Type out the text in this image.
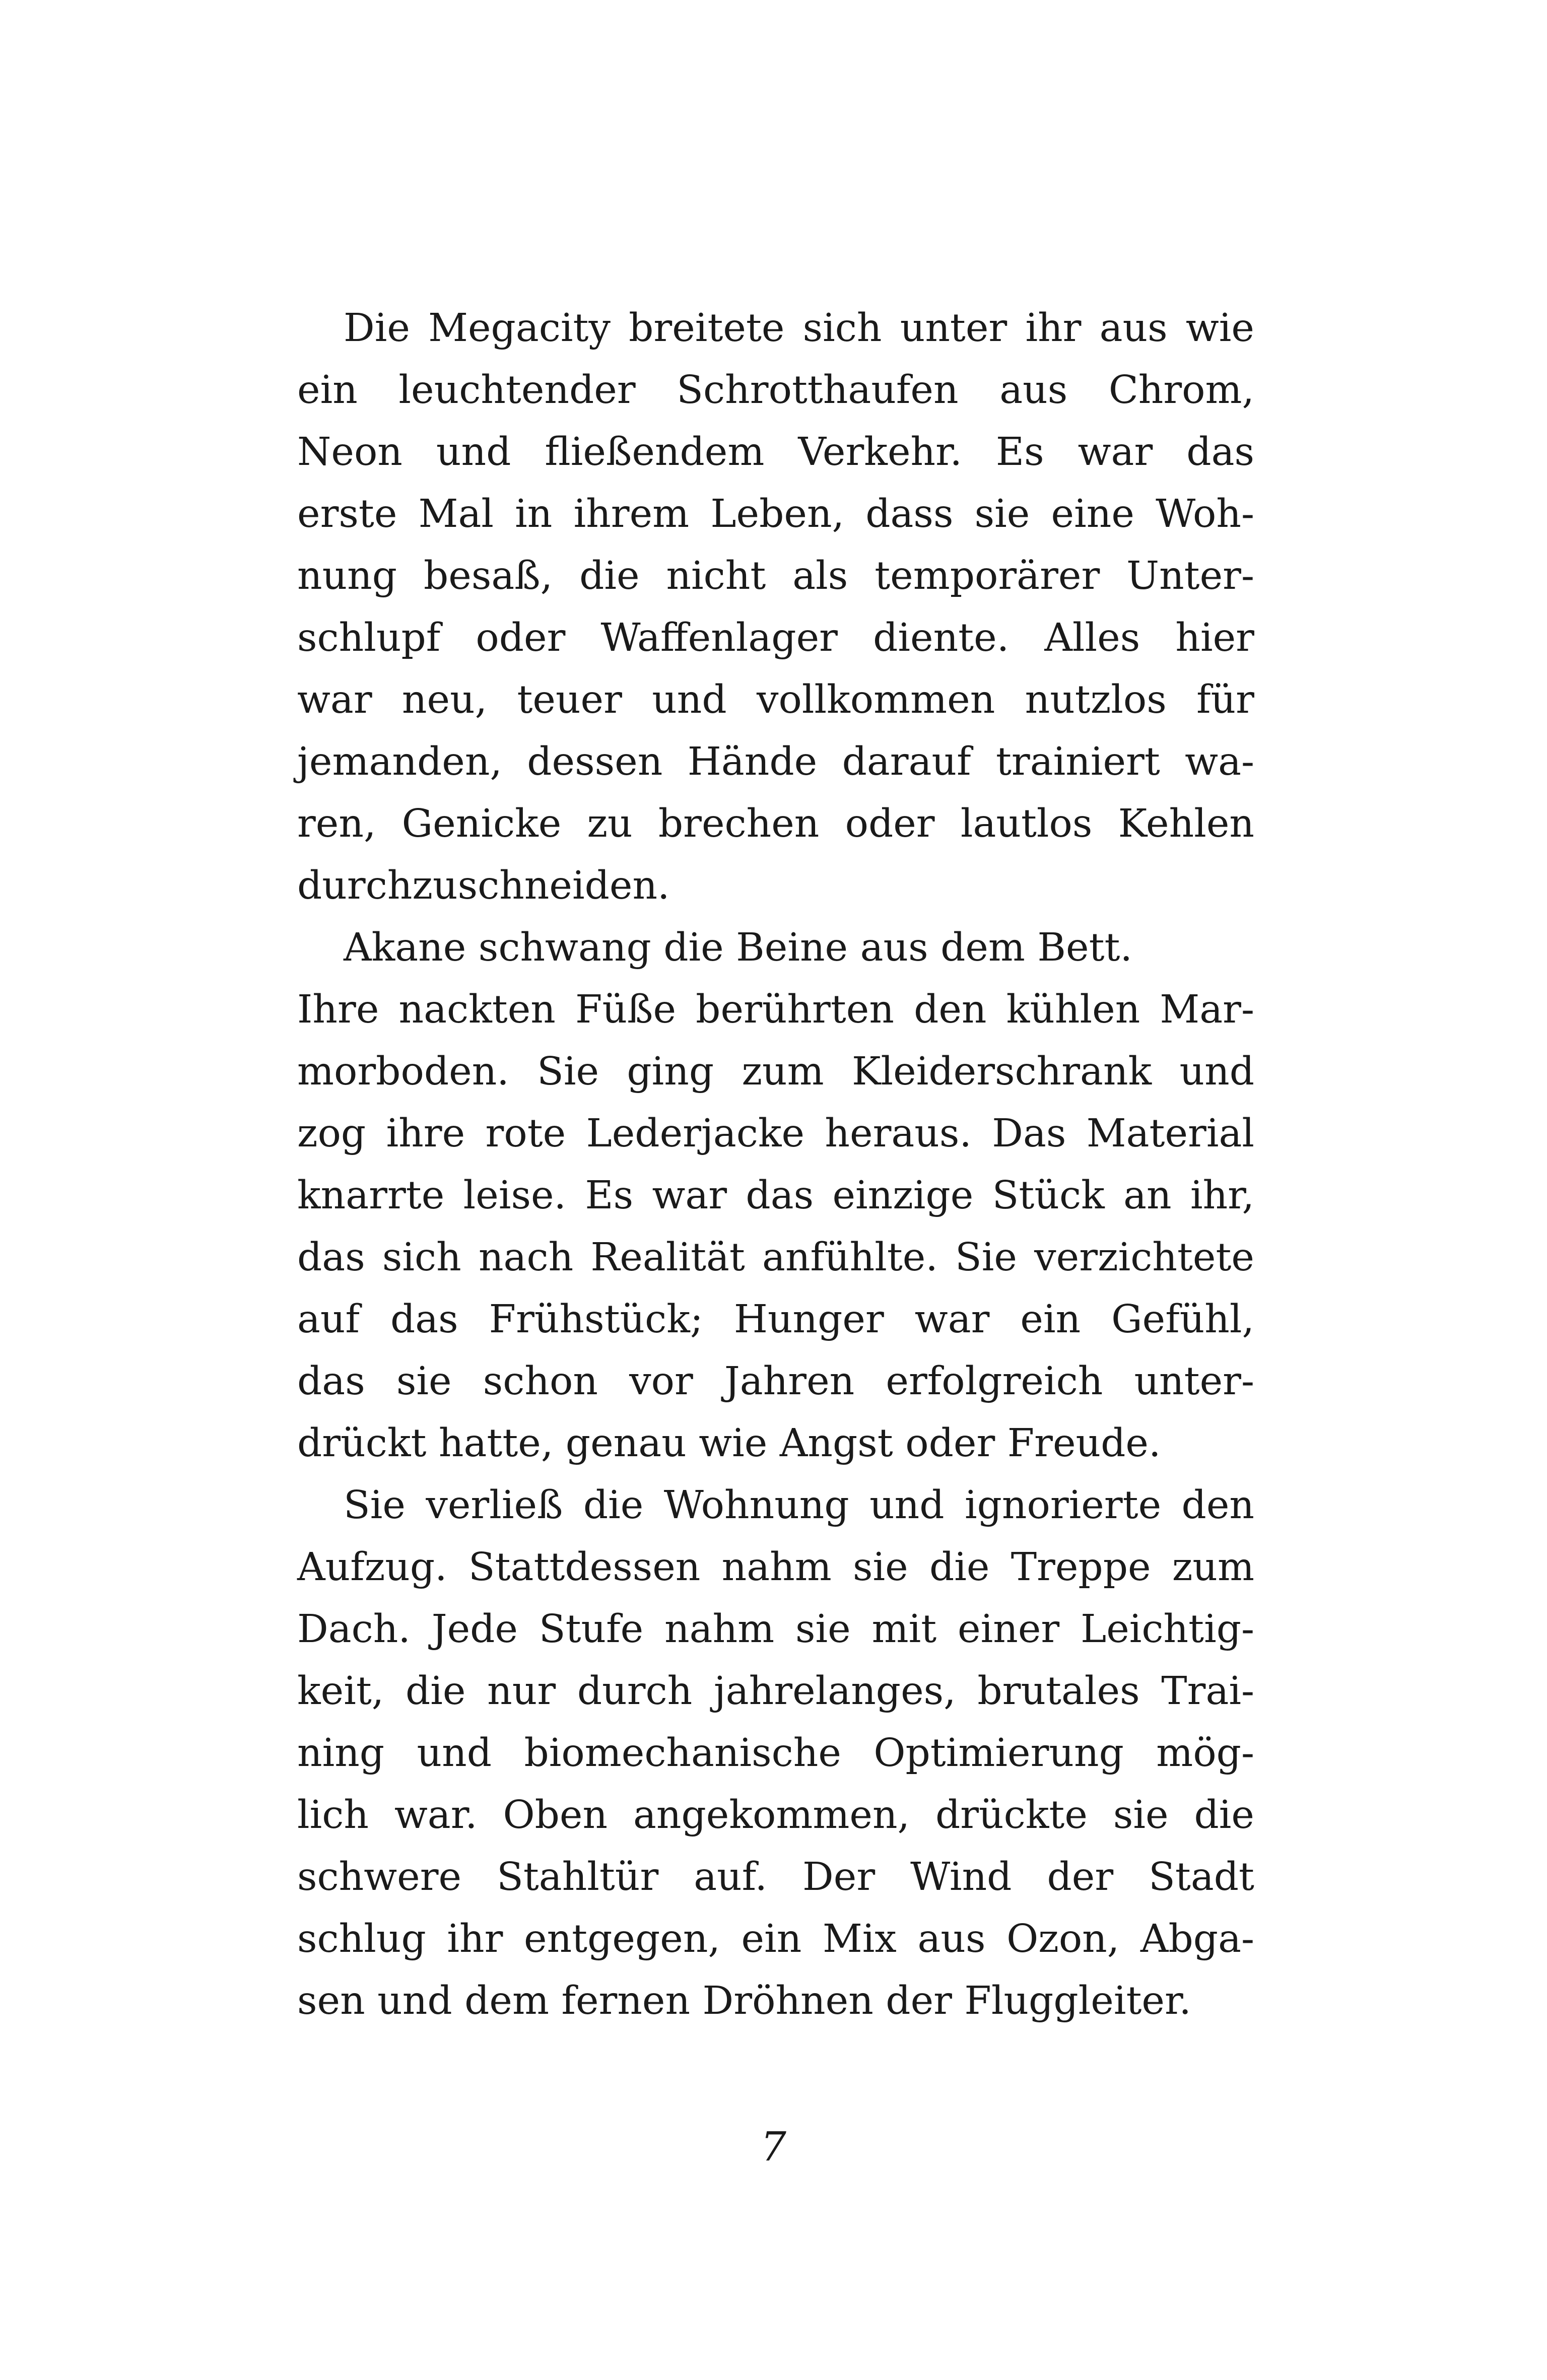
Die Megacity breitete sich unter ihr aus wie
ein leuchtender Schrotthaufen aus Chrom,
Neon und fließendem Verkehr. Es war das
erste Mal in ihrem Leben, dass sie eine Woh-
nung besaß, die nicht als temporärer Unter-
schlupf oder Waffenlager diente. Alles hier
war neu, teuer und vollkommen nutzlos für
jemanden, dessen Hände darauf trainiert wa-
ren, Genicke zu brechen oder lautlos Kehlen
durchzuschneiden.
Akane schwang die Beine aus dem Bett.
Ihre nackten Füße berührten den kühlen Mar-
morboden. Sie ging zum Kleiderschrank und
zog ihre rote Lederjacke heraus. Das Material
knarrte leise. Es war das einzige Stück an ihr,
das sich nach Realität anfühlte. Sie verzichtete
auf das Frühstück; Hunger war ein Gefühl,
das sie schon vor Jahren erfolgreich unter-
drückt hatte, genau wie Angst oder Freude.
Sie verließ die Wohnung und ignorierte den
Aufzug. Stattdessen nahm sie die Treppe zum
Dach. Jede Stufe nahm sie mit einer Leichtig-
keit, die nur durch jahrelanges, brutales Trai-
ning und biomechanische Optimierung mög-
lich war. Oben angekommen, drückte sie die
schwere Stahltür auf. Der Wind der Stadt
schlug ihr entgegen, ein Mix aus Ozon, Abga-
sen und dem fernen Dröhnen der Fluggleiter.
7
